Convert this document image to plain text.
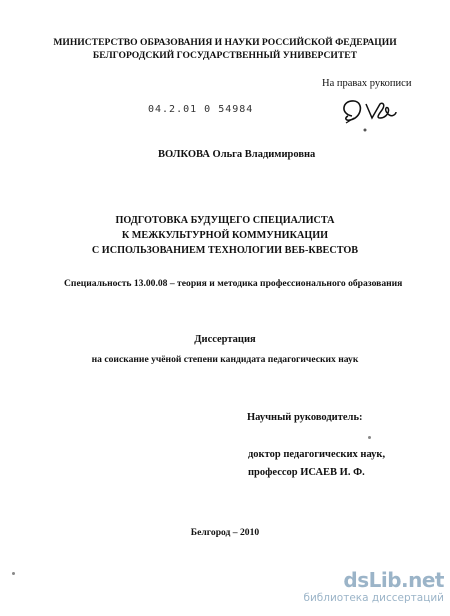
МИНИСТЕРСТВО ОБРАЗОВАНИЯ И НАУКИ РОССИЙСКОЙ ФЕДЕРАЦИИ
БЕЛГОРОДСКИЙ ГОСУДАРСТВЕННЫЙ УНИВЕРСИТЕТ
На правах рукописи
04.2.01 0 54984
ВОЛКОВА Ольга Владимировна
ПОДГОТОВКА БУДУЩЕГО СПЕЦИАЛИСТА
К МЕЖКУЛЬТУРНОЙ КОММУНИКАЦИИ
С ИСПОЛЬЗОВАНИЕМ ТЕХНОЛОГИИ ВЕБ-КВЕСТОВ
Специальность 13.00.08 – теория и методика профессионального образования
Диссертация
на соискание учёной степени кандидата педагогических наук
Научный руководитель:
доктор педагогических наук,
профессор ИСАЕВ И. Ф.
Белгород – 2010
dsLib.net
библиотека диссертаций
